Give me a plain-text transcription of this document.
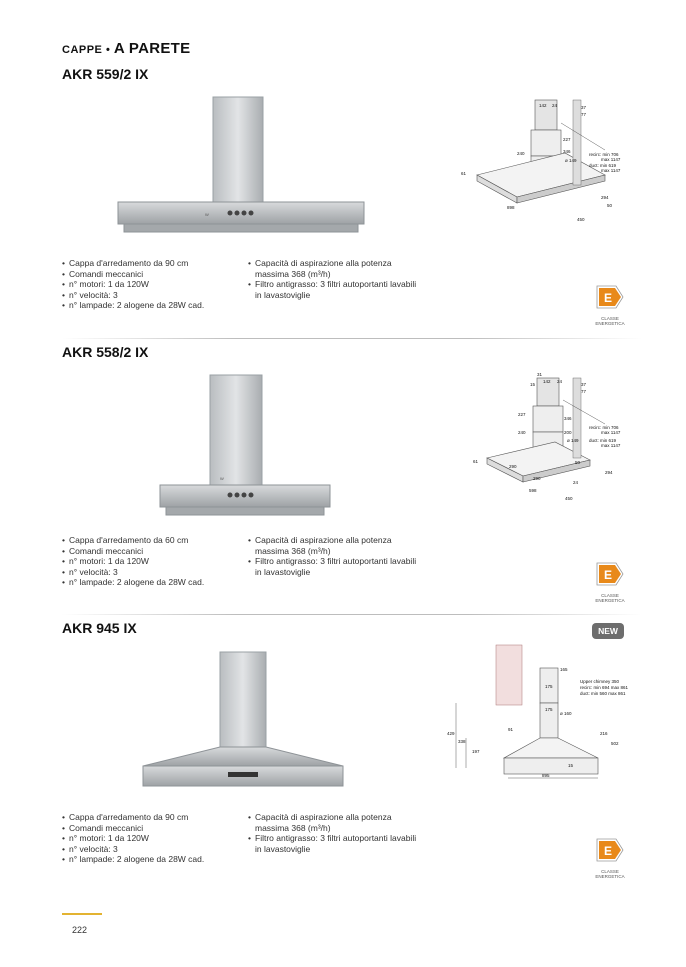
CAPPE • A PARETE
AKR 559/2 IX
W
142 24	37
77
227
240	346
ø 149
recirc: min 706
max 1147
duct: min 619
max 1147
61
50
294
898
450
• Cappa d'arredamento da 90 cm
• Comandi meccanici
• n° motori: 1 da 120W
• n° velocità: 3
• n° lampade: 2 alogene da 28W cad.
• Capacità di aspirazione alla potenza massima 368 (m³/h)
• Filtro antigrasso: 3 filtri autoportanti lavabili in lavastoviglie	E
CLASSE ENERGETICA
AKR 558/2 IX
W
31
15
142 24
37
77
227
240
346
200
ø 149
recirc: min 706
max 1147
duct: min 619
max 1147
61
290
290
50
294
24
598
450
• Cappa d'arredamento da 60 cm
• Comandi meccanici
• n° motori: 1 da 120W
• n° velocità: 3
• n° lampade: 2 alogene da 28W cad.
• Capacità di aspirazione alla potenza massima 368 (m³/h)
• Filtro antigrasso: 3 filtri autoportanti lavabili in lavastoviglie	E
CLASSE ENERGETICA
AKR 945 IX	NEW
165
175
175
Upper chimney 350
recirc: min 694 max 861
duct: min 560 max 861
ø 160
91
429
338
197
216
502
15
895
• Cappa d'arredamento da 90 cm
• Comandi meccanici
• n° motori: 1 da 120W
• n° velocità: 3
• n° lampade: 2 alogene da 28W cad.
• Capacità di aspirazione alla potenza massima 368 (m³/h)
• Filtro antigrasso: 3 filtri autoportanti lavabili in lavastoviglie	E
CLASSE ENERGETICA
222
